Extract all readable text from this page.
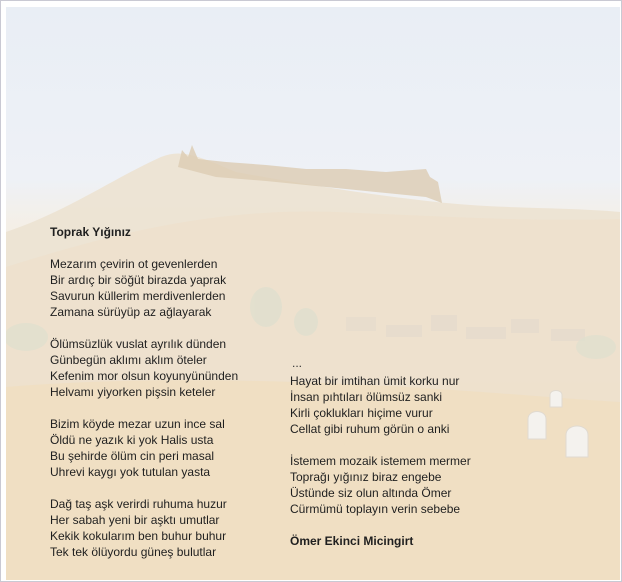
Toprak Yığınız
Mezarım çevirin ot gevenlerden
Bir ardıç bir söğüt birazda yaprak
Savurun küllerim merdivenlerden
Zamana sürüyüp az ağlayarak
Ölümsüzlük vuslat ayrılık dünden
Günbegün aklımı aklım öteler
Kefenim mor olsun koyunyününden
Helvamı yiyorken pişsin keteler
Bizim köyde mezar uzun ince sal
Öldü ne yazık ki yok Halis usta
Bu şehirde ölüm cin peri masal
Uhrevi kaygı yok tutulan yasta
Dağ taş aşk verirdi ruhuma huzur
Her sabah yeni bir aşktı umutlar
Kekik kokularım ben buhur buhur
Tek tek ölüyordu güneş bulutlar
...
Hayat bir imtihan ümit korku nur
İnsan pıhtıları ölümsüz sanki
Kirli çoklukları hiçime vurur
Cellat gibi ruhum görün o anki
İstemem mozaik istemem mermer
Toprağı yığınız biraz engebe
Üstünde siz olun altında Ömer
Cürmümü toplayın verin sebebe
Ömer Ekinci Micingirt
